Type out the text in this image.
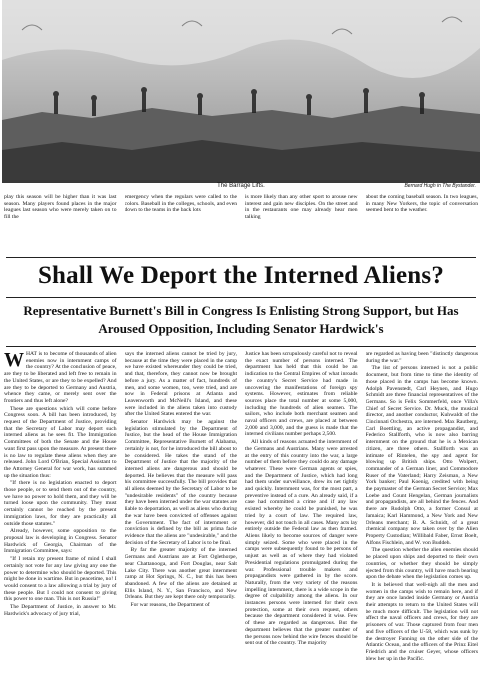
The Barrage Lifts.	Bernard Hugh in The Bystander.
play this season will be higher than it was last season. Many players found places in the major leagues last season who were merely taken on to fill the
emergency when the regulars were called to the colors. Baseball in the colleges, schools, and even down to the teams in the back lots
is more likely than any other sport to arouse new interest and gain new disciples. On the street and in the restaurants one may already hear men talking
about the coming baseball season. In two leagues, in many New Yorkers, the topic of conversation seemed bent to the weather.
Shall We Deport the Interned Aliens?
Representative Burnett's Bill in Congress Is Enlisting Strong Support, but Has Aroused Opposition, Including Senator Hardwick's

WHAT is to become of thousands of alien enemies now in internment camps of the country? At the conclusion of peace, are they to be liberated and left free to remain in the United States, or are they to be expelled? And are they to be deported to Germany and Austria, whence they came, or merely sent over the frontiers and thus left alone?

These are questions which will come before Congress soon. A bill has been introduced, by request of the Department of Justice, providing that the Secretary of Labor may deport such interned aliens as he sees fit. The Immigration Committees of both the Senate and the House want first pass upon the measure. At present there is no law to regulate these aliens when they are released. John Lord O'Brian, Special Assistant to the Attorney General for war work, has summed up the situation thus:

"If there is no legislation enacted to deport those people, or to send them out of the country, we have no power to hold them, and they will be turned loose upon the community. They must certainly cannot be reached by the present immigration laws, for they are practically all outside those statutes."

Already, however, some opposition to the proposal law is developing in Congress. Senator Hardwick of Georgia, Chairman of the Immigration Committee, says:

"If I retain my present frame of mind I shall certainly not vote for any law giving any one the power to determine who should be deported. This might be done in wartime. But in peacetime, no! I would consent to a law allowing a trial by jury of these people. But I could not consent to giving this power to one man. This is not Russia!"

The Department of Justice, in answer to Mr. Hardwick's advocacy of jury trial,

says the interned aliens cannot be tried by jury, because at the time they were placed in the camp we have existed whereunder they could be tried, and that, therefore, they cannot now be brought before a jury. As a matter of fact, hundreds of men, and some women, too, were tried, and are now in Federal prisons at Atlanta and Leavenworth and McNeill's Island, and these were included in the aliens taken into custody after the United States entered the war.

Senator Hardwick may be against the legislation stimulated by the Department of Justice, but the head of the House Immigration Committee, Representative Burnett of Alabama, certainly is not, for he introduced the bill about to be considered. He takes the stand of the Department of Justice that the majority of the interned aliens are dangerous and should be deported. He believes that the measure will pass his committee successfully. The bill provides that all aliens deemed by the Secretary of Labor to be "undesirable residents" of the country because they have been interned under the war statutes are liable to deportation, as well as aliens who during the war have been convicted of offenses against the Government. The fact of internment or conviction is defined by the bill as prima facie evidence that the aliens are "undesirable," and the decision of the Secretary of Labor is to be final.

By far the greater majority of the interned Germans and Austrians are at Fort Oglethorpe, near Chattanooga, and Fort Douglas, near Salt Lake City. There was another great internment camp at Hot Springs, N. C., but this has been abandoned. A few of the aliens are detained at Ellis Island, N. Y., San Francisco, and New Orleans. But they are kept there only temporarily.

For war reasons, the Department of

Justice has been scrupulously careful not to reveal the exact number of persons interned. The department has held that this could be an indication to the Central Empires of what inroads the country's Secret Service had made in uncovering the manifestations of foreign spy systems. However, estimates from reliable sources place the total number at some 5,000, including the hundreds of alien seamen. The sailors, who include both merchant seamen and naval officers and crews, are placed at between 2,000 and 3,000, and the guess is made that the interned civilians number perhaps 2,500.

All kinds of reasons actuated the internment of the Germans and Austrians. Many were arrested at the entry of this country into the war, a large number of them before they could do any damage whatever. These were German agents or spies, and the Department of Justice, which had long had them under surveillance, drew its net tightly and quickly. Internment was, for the most part, a preventive instead of a cure. An already said, if a case had committed a crime and if any law existed whereby he could be punished, he was tried by a court of law. The required law, however, did not touch in all cases. Many acts lay entirely outside the Federal law as then framed. Aliens likely to become sources of danger were simply seized. Some who were placed in the camps were subsequently found to be persons of unjust as well as of where they had violated Presidential regulations promulgated during the war. Professional trouble makers and propagandists were gathered in by the score. Naturally, from the very variety of the reasons impelling internment, there is a wide scope in the degree of culpability among the aliens. In our instances persons were interned for their own protection, some at their own request, others because the department considered it wise. Few of these are regarded as dangerous. But the department believes that the greater number of the persons now behind the wire fences should be sent out of the country. The majority

are regarded as having been "distinctly dangerous during the war."

The list of persons interned is not a public document, but from time to time the identity of those placed in the camps has become known. Adolph Pavenstedt, Carl Heynen, and Hugo Schmidt are three financial representatives of the Germans. So is Felix Sommerfeld, once Villa's Chief of Secret Service. Dr. Muck, the musical director, and another conductor, Kuhwaldt of the Cincinnati Orchestra, are interned. Max Rautberg, Carl Boettling, an active propagandist, and Federico Stallforth, who is now also barring internment on the ground that he is a Mexican citizen, are three others. Stallforth was an intimate of Rintelen, the spy and agent for blowing up British ships. Otto Wolpert, commander of a German liner, and Commodore Ruser of the Vaterland; Harry Zeisman, a New York banker; Paul Koenig, credited with being the paymaster of the German Secret Service; Max Loebe and Count Hengelan, German journalists and propagandists, are all behind the fences. And there are Rudolph Otto, a former Consul at Jamaica; Karl Hammond, a New York and New Orleans merchant; B. A. Schnidt, of a great chemical company now taken over by the Alien Property Custodian; Willibald Faber, Ernst Boelt, Alfons Fischlein, and W. von Buddeh.

The question whether the alien enemies should be placed upon ships and deported to their own countries, or whether they should be simply ejected from this country, will have much bearing upon the debate when the legislation comes up.

It is believed that well-nigh all the men and women in the camps wish to remain here, and if they are once landed inside Germany or Austria their attempts to return to the United States will be much more difficult. The legislation will not affect the naval officers and crews, for they are prisoners of war. Those captured from four men and five officers of the U-58, which was sunk by the destroyer Fanning on the other side of the Atlantic Ocean, and the officers of the Prinz Eitel Friedrich and the cruiser Geyer, whose officers blew her up in the Pacific.
